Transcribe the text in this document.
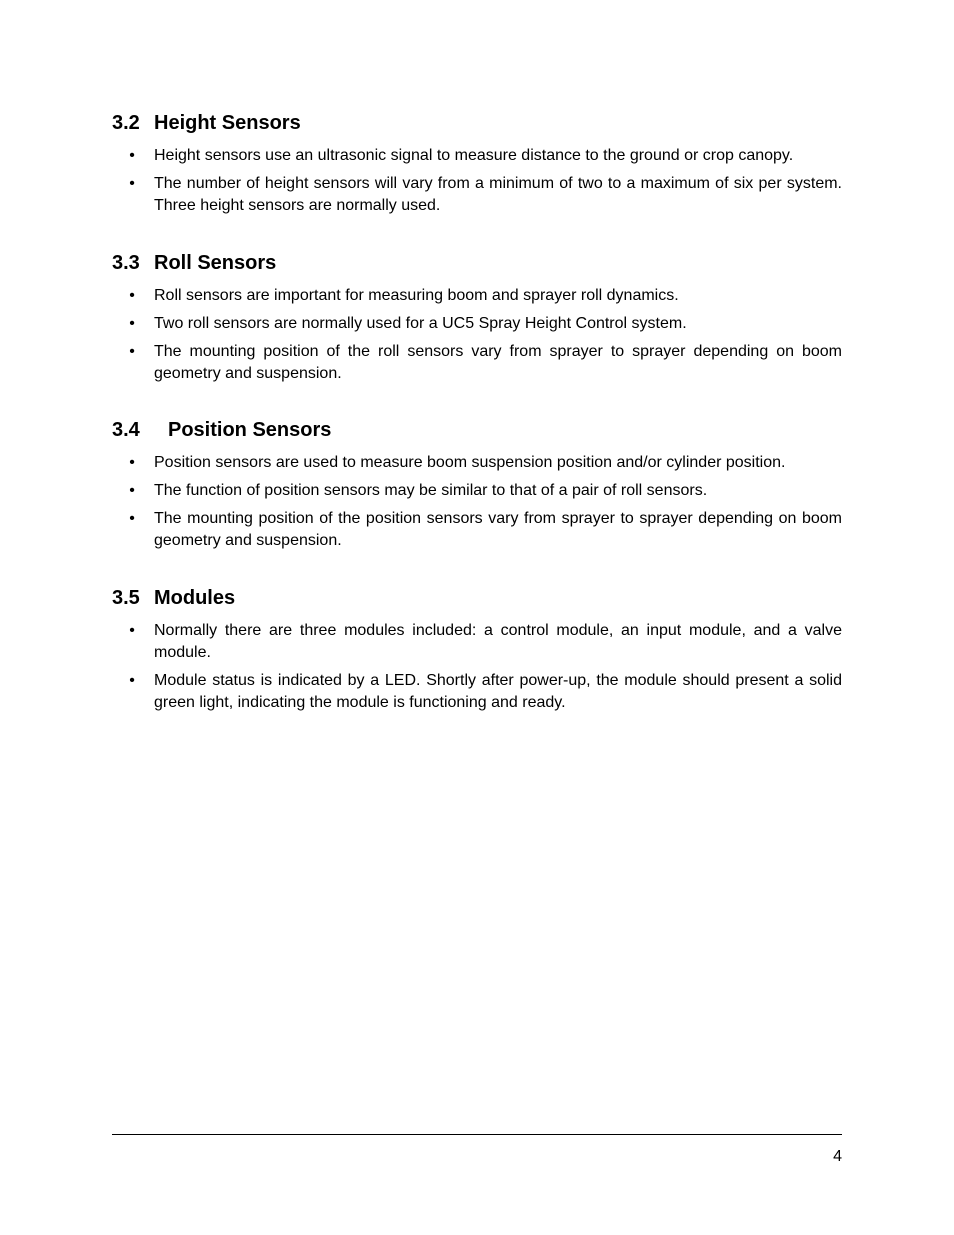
3.2 Height Sensors
• Height sensors use an ultrasonic signal to measure distance to the ground or crop canopy.
• The number of height sensors will vary from a minimum of two to a maximum of six per system. Three height sensors are normally used.
3.3 Roll Sensors
• Roll sensors are important for measuring boom and sprayer roll dynamics.
• Two roll sensors are normally used for a UC5 Spray Height Control system.
• The mounting position of the roll sensors vary from sprayer to sprayer depending on boom geometry and suspension.
3.4	Position Sensors
• Position sensors are used to measure boom suspension position and/or cylinder position.
• The function of position sensors may be similar to that of a pair of roll sensors.
• The mounting position of the position sensors vary from sprayer to sprayer depending on boom geometry and suspension.
3.5 Modules
• Normally there are three modules included: a control module, an input module, and a valve module.
• Module status is indicated by a LED. Shortly after power-up, the module should present a solid green light, indicating the module is functioning and ready.
4
